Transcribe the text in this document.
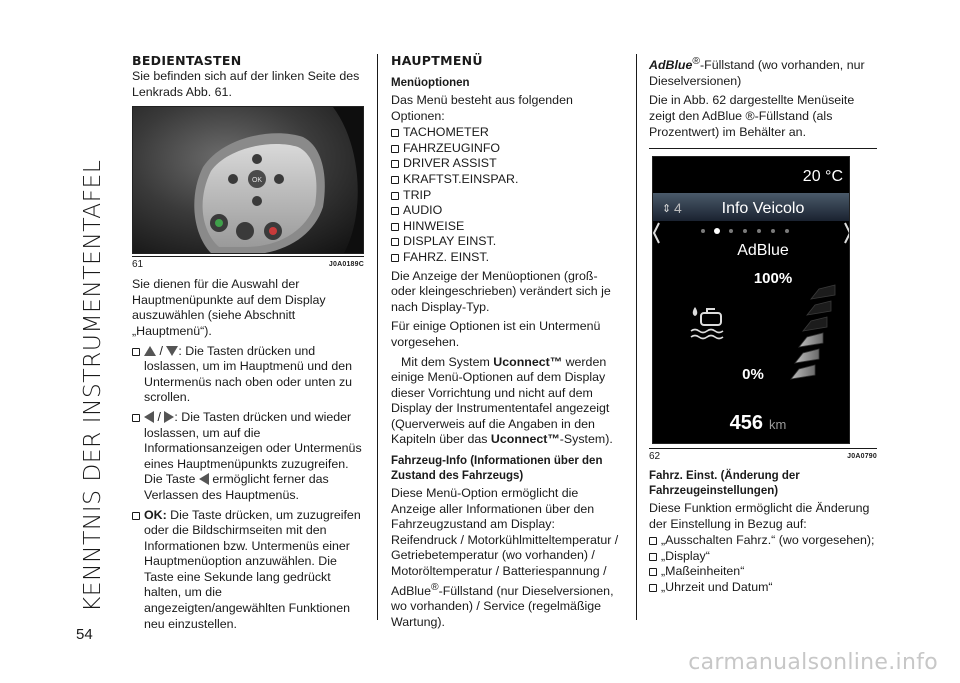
KENNTNIS DER INSTRUMENTENTAFEL
54
BEDIENTASTEN

Sie befinden sich auf der linken Seite des Lenkrads Abb. 61.

OK
61	J0A0189C

Sie dienen für die Auswahl der Hauptmenüpunkte auf dem Display auszuwählen (siehe Abschnitt „Hauptmenü“).

/ : Die Tasten drücken und loslassen, um im Hauptmenü und den Untermenüs nach oben oder unten zu scrollen.

/ : Die Tasten drücken und wieder loslassen, um auf die Informationsanzeigen oder Untermenüs eines Hauptmenüpunkts zuzugreifen. Die Taste ermöglicht ferner das Verlassen des Hauptmenüs.

OK: Die Taste drücken, um zuzugreifen oder die Bildschirmseiten mit den Informationen bzw. Untermenüs einer Hauptmenüoption anzuwählen. Die Taste eine Sekunde lang gedrückt halten, um die angezeigten/angewählten Funktionen neu einzustellen.

HAUPTMENÜ
Menüoptionen

Das Menü besteht aus folgenden Optionen:

TACHOMETER
FAHRZEUGINFO
DRIVER ASSIST
KRAFTST.EINSPAR.
TRIP
AUDIO
HINWEISE
DISPLAY EINST.
FAHRZ. EINST.

Die Anzeige der Menüoptionen (groß- oder kleingeschrieben) verändert sich je nach Display-Typ.

Für einige Optionen ist ein Untermenü vorgesehen.

Mit dem System Uconnect™ werden einige Menü-Optionen auf dem Display dieser Vorrichtung und nicht auf dem Display der Instrumententafel angezeigt (Querverweis auf die Angaben in den Kapiteln über das Uconnect™-System).

Fahrzeug-Info (Informationen über den Zustand des Fahrzeugs)

Diese Menü-Option ermöglicht die Anzeige aller Informationen über den Fahrzeugzustand am Display: Reifendruck / Motorkühlmitteltemperatur / Getriebetemperatur (wo vorhanden) / Motoröltemperatur / Batteriespannung / AdBlue®-Füllstand (nur Dieselversionen, wo vorhanden) / Service (regelmäßige Wartung).

AdBlue®-Füllstand (wo vorhanden, nur Dieselversionen)

Die in Abb. 62 dargestellte Menüseite zeigt den AdBlue ®-Füllstand (als Prozentwert) im Behälter an.

20 °C
⇕ 4 Info Veicolo
AdBlue
100%
0%
456 km
62	J0A0790
Fahrz. Einst. (Änderung der Fahrzeugeinstellungen)

Diese Funktion ermöglicht die Änderung der Einstellung in Bezug auf:

„Ausschalten Fahrz.“ (wo vorgesehen);
„Display“
„Maßeinheiten“
„Uhrzeit und Datum“
carmanualsonline.info
